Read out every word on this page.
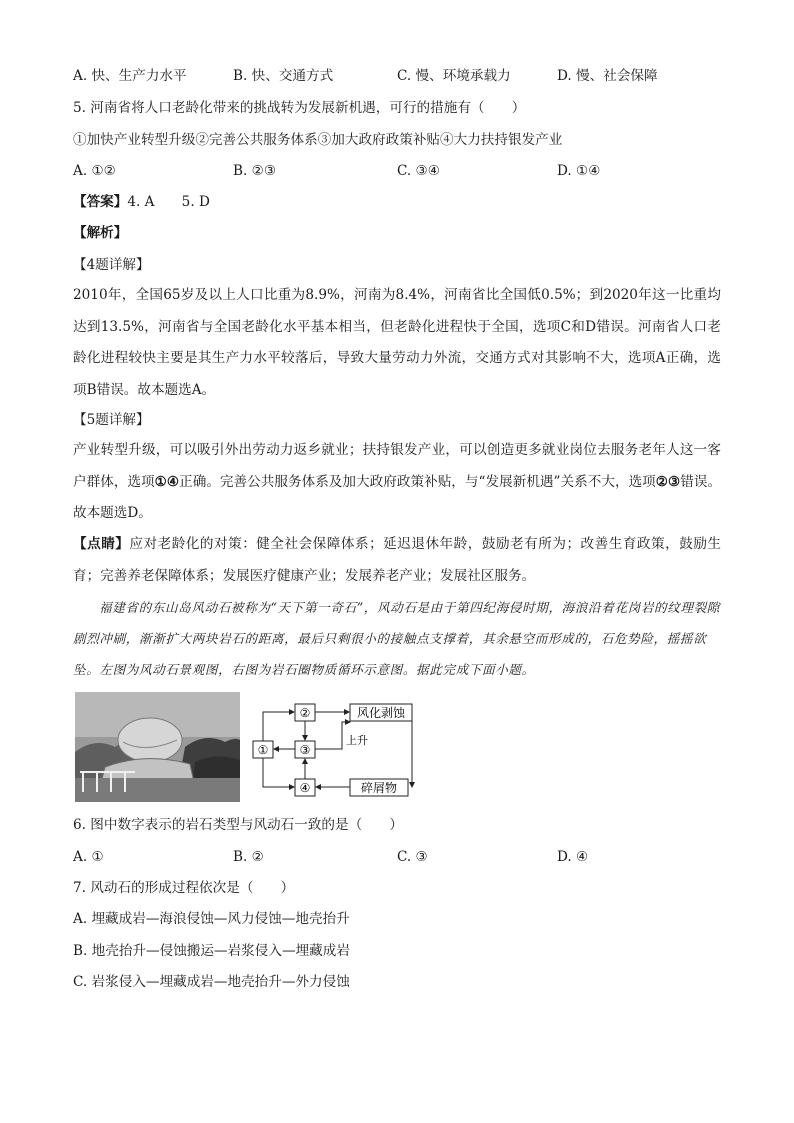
A. 快、生产力水平	B. 快、交通方式	C. 慢、环境承载力	D. 慢、社会保障
5. 河南省将人口老龄化带来的挑战转为发展新机遇，可行的措施有（　　）
①加快产业转型升级②完善公共服务体系③加大政府政策补贴④大力扶持银发产业
A. ①②	B. ②③	C. ③④	D. ①④
【答案】4. A　　5. D
【解析】
【4题详解】
2010年，全国65岁及以上人口比重为8.9%，河南为8.4%，河南省比全国低0.5%；到2020年这一比重均达到13.5%，河南省与全国老龄化水平基本相当，但老龄化进程快于全国，选项C和D错误。河南省人口老龄化进程较快主要是其生产力水平较落后，导致大量劳动力外流，交通方式对其影响不大，选项A正确，选项B错误。故本题选A。
【5题详解】
产业转型升级，可以吸引外出劳动力返乡就业；扶持银发产业，可以创造更多就业岗位去服务老年人这一客户群体，选项①④正确。完善公共服务体系及加大政府政策补贴，与“发展新机遇”关系不大，选项②③错误。故本题选D。
【点睛】应对老龄化的对策：健全社会保障体系；延迟退休年龄，鼓励老有所为；改善生育政策，鼓励生育；完善养老保障体系；发展医疗健康产业；发展养老产业；发展社区服务。
福建省的东山岛风动石被称为“天下第一奇石”，风动石是由于第四纪海侵时期，海浪沿着花岗岩的纹理裂隙剧烈冲刷，渐渐扩大两块岩石的距离，最后只剩很小的接触点支撑着，其余悬空而形成的，石危势险，摇摇欲坠。左图为风动石景观图，右图为岩石圈物质循环示意图。据此完成下面小题。
②
③
①
④
风化剥蚀
碎屑物
上升
6. 图中数字表示的岩石类型与风动石一致的是（　　）
A. ①	B. ②	C. ③	D. ④
7. 风动石的形成过程依次是（　　）
A. 埋藏成岩—海浪侵蚀—风力侵蚀—地壳抬升
B. 地壳抬升—侵蚀搬运—岩浆侵入—埋藏成岩
C. 岩浆侵入—埋藏成岩—地壳抬升—外力侵蚀
